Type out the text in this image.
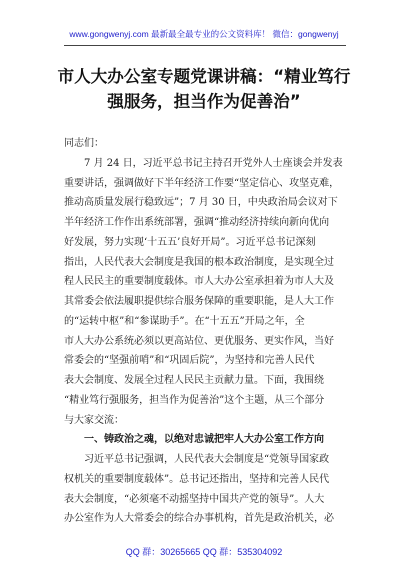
www.gongwenyj.com 最新最全最专业的公文资料库！ 微信：gongwenyj
市人大办公室专题党课讲稿：“精业笃行
强服务，担当作为促善治”
同志们：
7 月 24 日，习近平总书记主持召开党外人士座谈会并发表
重要讲话，强调做好下半年经济工作要“坚定信心、攻坚克难，
推动高质量发展行稳致远”；7 月 30 日，中央政治局会议对下
半年经济工作作出系统部署，强调“推动经济持续向新向优向
好发展，努力实现‘十五五’良好开局”。习近平总书记深刻
指出，人民代表大会制度是我国的根本政治制度，是实现全过
程人民民主的重要制度载体。市人大办公室承担着为市人大及
其常委会依法履职提供综合服务保障的重要职能，是人大工作
的“运转中枢”和“参谋助手”。在“十五五”开局之年，全
市人大办公系统必须以更高站位、更优服务、更实作风，当好
常委会的“坚强前哨”和“巩固后院”，为坚持和完善人民代
表大会制度、发展全过程人民民主贡献力量。下面，我围绕
“精业笃行强服务，担当作为促善治”这个主题，从三个部分
与大家交流：
一、铸政治之魂，以绝对忠诚把牢人大办公室工作方向
习近平总书记强调，人民代表大会制度是“党领导国家政
权机关的重要制度载体”。总书记还指出，坚持和完善人民代
表大会制度，“必须毫不动摇坚持中国共产党的领导”。人大
办公室作为人大常委会的综合办事机构，首先是政治机关，必
QQ 群：30265665 QQ 群：535304092
